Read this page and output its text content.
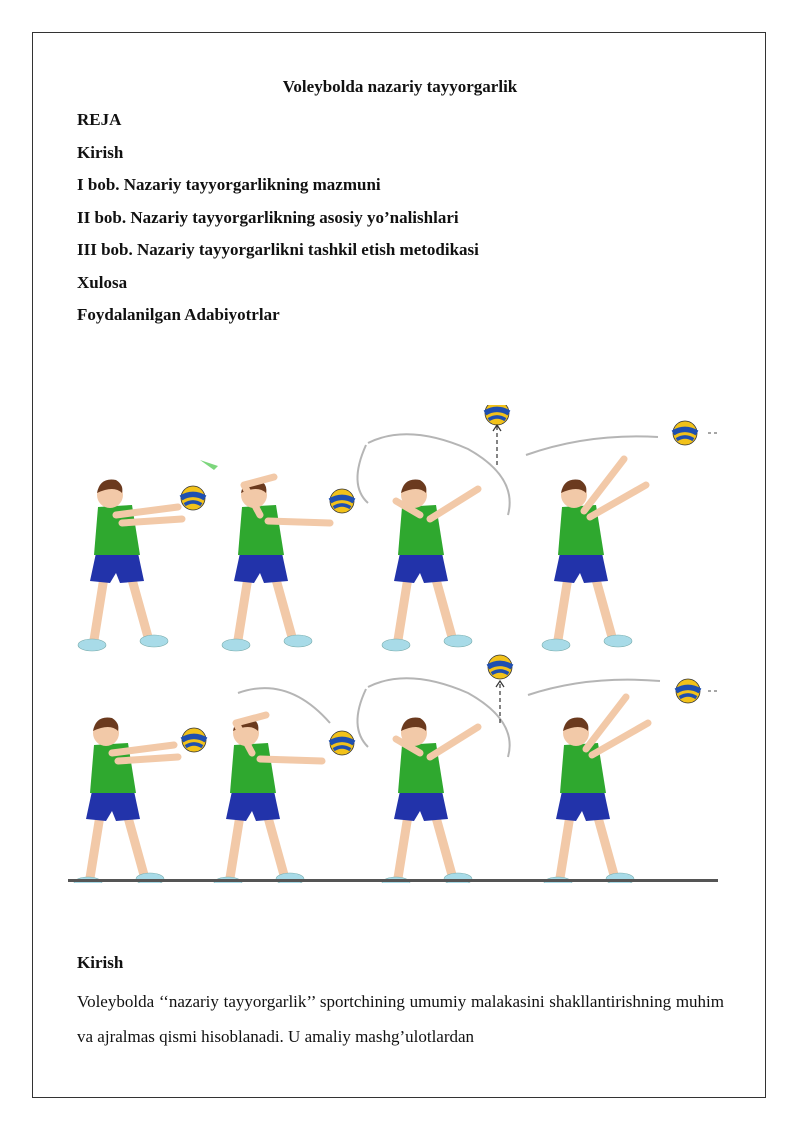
Voleybolda nazariy tayyorgarlik
REJA
Kirish
I bob. Nazariy tayyorgarlikning mazmuni
II bob. Nazariy tayyorgarlikning asosiy yo’nalishlari
III bob. Nazariy tayyorgarlikni tashkil etish metodikasi
Xulosa
Foydalanilgan Adabiyotrlar
Kirish

Voleybolda ‘‘nazariy tayyorgarlik’’ sportchining umumiy malakasini shakllantirishning muhim va ajralmas qismi hisoblanadi. U amaliy mashg’ulotlardan
